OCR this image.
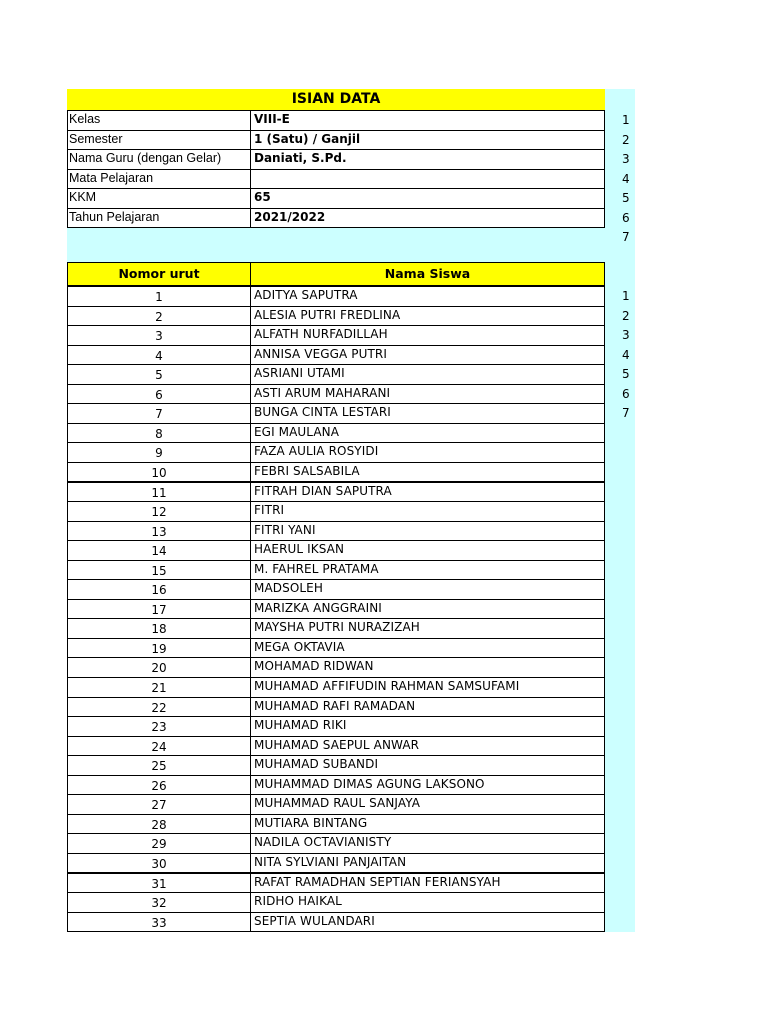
ISIAN DATA
Kelas	VIII-E
Semester	1 (Satu) / Ganjil
Nama Guru (dengan Gelar)	Daniati, S.Pd.
Mata Pelajaran
KKM	65
Tahun Pelajaran	2021/2022
1
2
3
4
5
6
7
Nomor urut	Nama Siswa
1	ADITYA SAPUTRA
2	ALESIA PUTRI FREDLINA
3	ALFATH NURFADILLAH
4	ANNISA VEGGA PUTRI
5	ASRIANI UTAMI
6	ASTI ARUM MAHARANI
7	BUNGA CINTA LESTARI
8	EGI MAULANA
9	FAZA AULIA ROSYIDI
10	FEBRI SALSABILA
11	FITRAH DIAN SAPUTRA
12	FITRI
13	FITRI YANI
14	HAERUL IKSAN
15	M. FAHREL PRATAMA
16	MADSOLEH
17	MARIZKA ANGGRAINI
18	MAYSHA PUTRI NURAZIZAH
19	MEGA OKTAVIA
20	MOHAMAD RIDWAN
21	MUHAMAD AFFIFUDIN RAHMAN SAMSUFAMI
22	MUHAMAD RAFI RAMADAN
23	MUHAMAD RIKI
24	MUHAMAD SAEPUL ANWAR
25	MUHAMAD SUBANDI
26	MUHAMMAD DIMAS AGUNG LAKSONO
27	MUHAMMAD RAUL SANJAYA
28	MUTIARA BINTANG
29	NADILA OCTAVIANISTY
30	NITA SYLVIANI PANJAITAN
31	RAFAT RAMADHAN SEPTIAN FERIANSYAH
32	RIDHO HAIKAL
33	SEPTIA WULANDARI
1
2
3
4
5
6
7
